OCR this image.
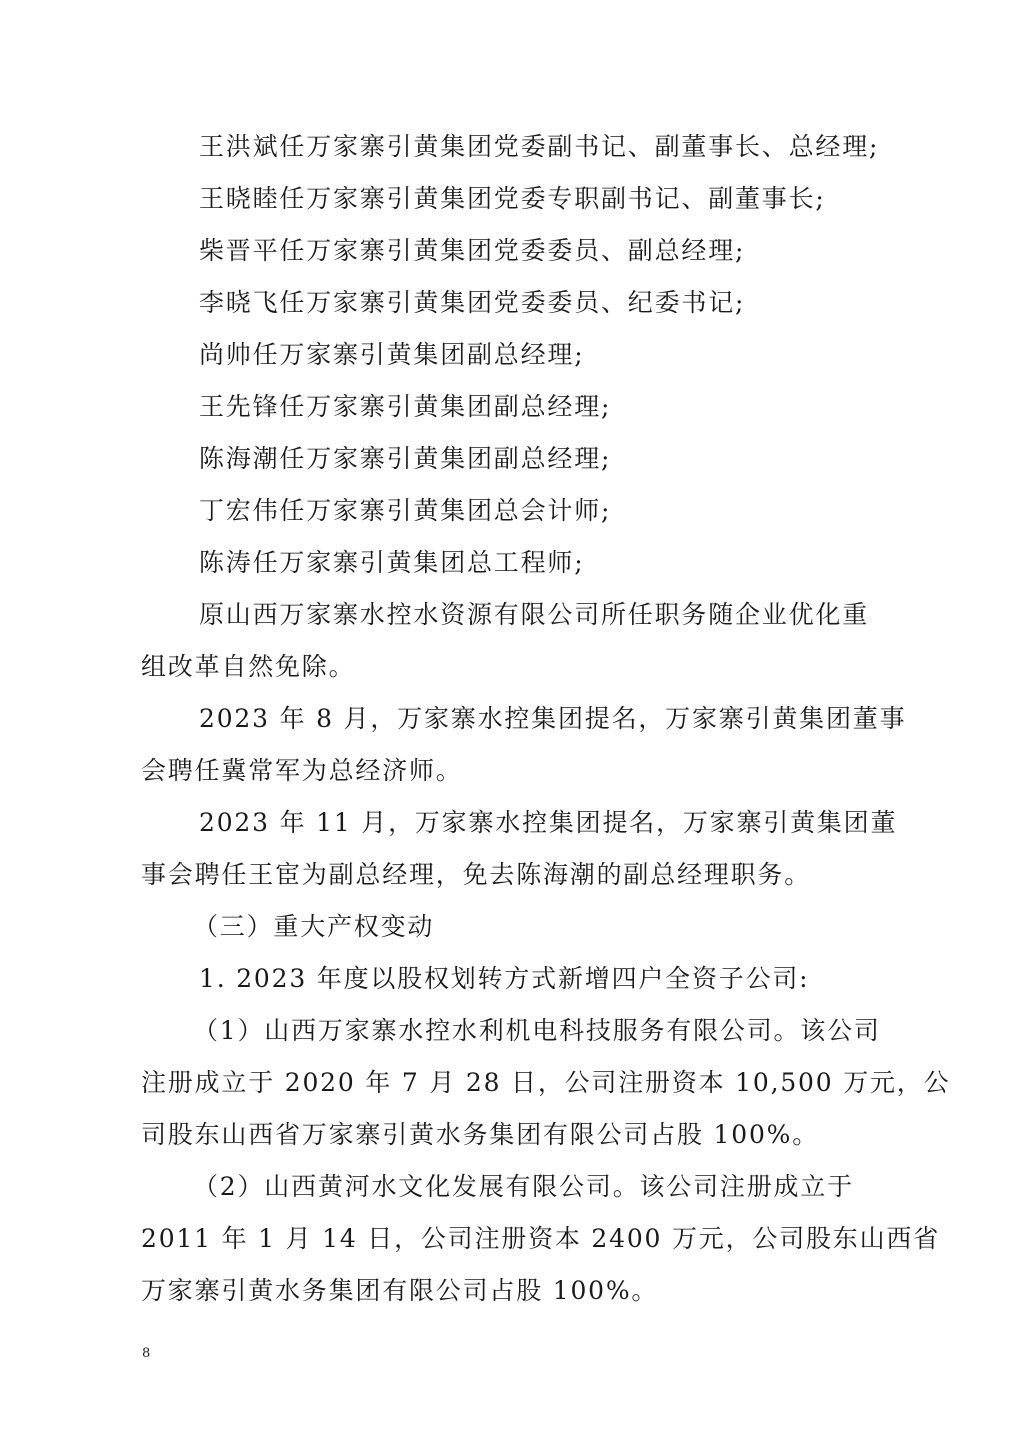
王洪斌任万家寨引黄集团党委副书记、副董事长、总经理;

王晓睦任万家寨引黄集团党委专职副书记、副董事长;

柴晋平任万家寨引黄集团党委委员、副总经理;

李晓飞任万家寨引黄集团党委委员、纪委书记;

尚帅任万家寨引黄集团副总经理;

王先锋任万家寨引黄集团副总经理;

陈海潮任万家寨引黄集团副总经理;

丁宏伟任万家寨引黄集团总会计师;

陈涛任万家寨引黄集团总工程师;

原山西万家寨水控水资源有限公司所任职务随企业优化重

组改革自然免除。

2023 年 8 月，万家寨水控集团提名，万家寨引黄集团董事

会聘任冀常军为总经济师。

2023 年 11 月，万家寨水控集团提名，万家寨引黄集团董

事会聘任王宦为副总经理，免去陈海潮的副总经理职务。

（三）重大产权变动

1. 2023 年度以股权划转方式新增四户全资子公司:

（1）山西万家寨水控水利机电科技服务有限公司。该公司

注册成立于 2020 年 7 月 28 日，公司注册资本 10,500 万元，公

司股东山西省万家寨引黄水务集团有限公司占股 100%。

（2）山西黄河水文化发展有限公司。该公司注册成立于

2011 年 1 月 14 日，公司注册资本 2400 万元，公司股东山西省

万家寨引黄水务集团有限公司占股 100%。

8
